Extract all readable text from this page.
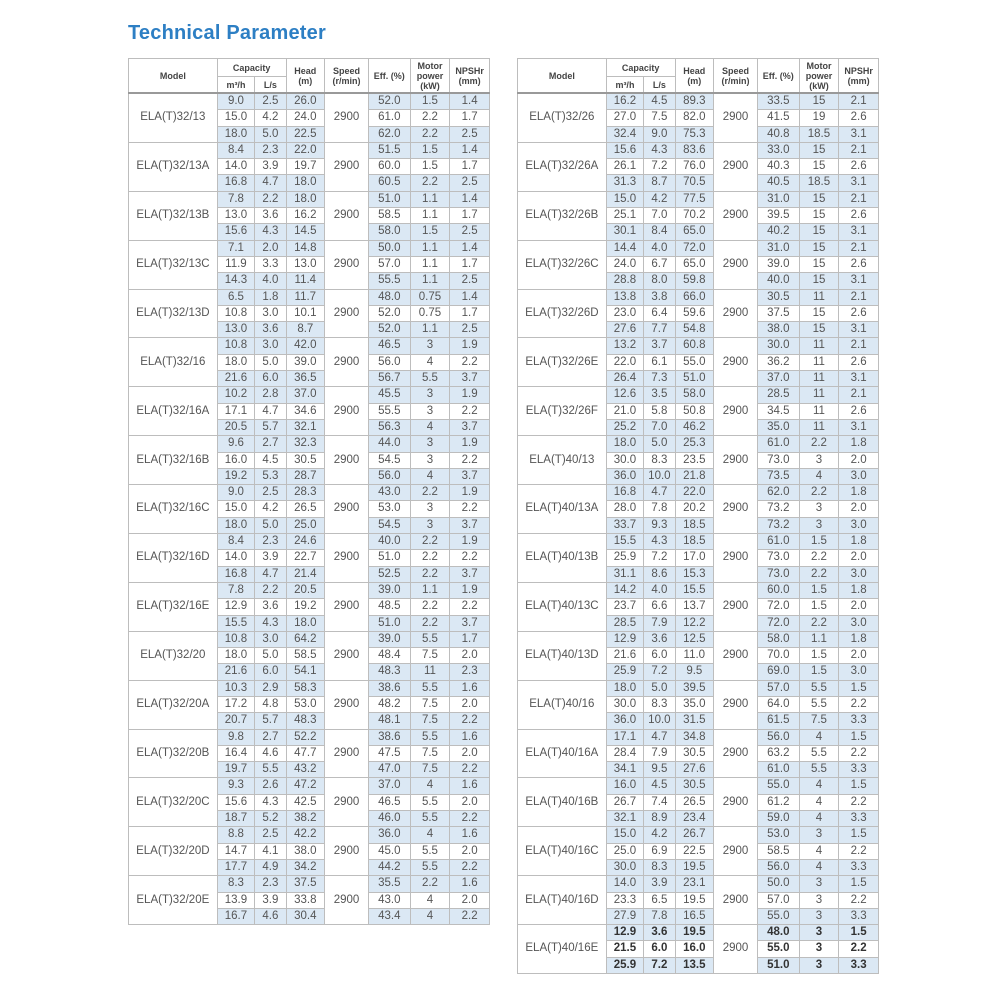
Technical Parameter
Model	Capacity		Head (m)	Speed (r/min)	Eff. (%)	Motor power (kW)	NPSHr (mm)
	m³/h	L/s					
ELA(T)32/13	9.0	2.5	26.0	2900	52.0	1.5	1.4
	15.0	4.2	24.0		61.0	2.2	1.7
	18.0	5.0	22.5		62.0	2.2	2.5
ELA(T)32/13A	8.4	2.3	22.0	2900	51.5	1.5	1.4
	14.0	3.9	19.7		60.0	1.5	1.7
	16.8	4.7	18.0		60.5	2.2	2.5
ELA(T)32/13B	7.8	2.2	18.0	2900	51.0	1.1	1.4
	13.0	3.6	16.2		58.5	1.1	1.7
	15.6	4.3	14.5		58.0	1.5	2.5
ELA(T)32/13C	7.1	2.0	14.8	2900	50.0	1.1	1.4
	11.9	3.3	13.0		57.0	1.1	1.7
	14.3	4.0	11.4		55.5	1.1	2.5
ELA(T)32/13D	6.5	1.8	11.7	2900	48.0	0.75	1.4
	10.8	3.0	10.1		52.0	0.75	1.7
	13.0	3.6	8.7		52.0	1.1	2.5
ELA(T)32/16	10.8	3.0	42.0	2900	46.5	3	1.9
	18.0	5.0	39.0		56.0	4	2.2
	21.6	6.0	36.5		56.7	5.5	3.7
ELA(T)32/16A	10.2	2.8	37.0	2900	45.5	3	1.9
	17.1	4.7	34.6		55.5	3	2.2
	20.5	5.7	32.1		56.3	4	3.7
ELA(T)32/16B	9.6	2.7	32.3	2900	44.0	3	1.9
	16.0	4.5	30.5		54.5	3	2.2
	19.2	5.3	28.7		56.0	4	3.7
ELA(T)32/16C	9.0	2.5	28.3	2900	43.0	2.2	1.9
	15.0	4.2	26.5		53.0	3	2.2
	18.0	5.0	25.0		54.5	3	3.7
ELA(T)32/16D	8.4	2.3	24.6	2900	40.0	2.2	1.9
	14.0	3.9	22.7		51.0	2.2	2.2
	16.8	4.7	21.4		52.5	2.2	3.7
ELA(T)32/16E	7.8	2.2	20.5	2900	39.0	1.1	1.9
	12.9	3.6	19.2		48.5	2.2	2.2
	15.5	4.3	18.0		51.0	2.2	3.7
ELA(T)32/20	10.8	3.0	64.2	2900	39.0	5.5	1.7
	18.0	5.0	58.5		48.4	7.5	2.0
	21.6	6.0	54.1		48.3	11	2.3
ELA(T)32/20A	10.3	2.9	58.3	2900	38.6	5.5	1.6
	17.2	4.8	53.0		48.2	7.5	2.0
	20.7	5.7	48.3		48.1	7.5	2.2
ELA(T)32/20B	9.8	2.7	52.2	2900	38.6	5.5	1.6
	16.4	4.6	47.7		47.5	7.5	2.0
	19.7	5.5	43.2		47.0	7.5	2.2
ELA(T)32/20C	9.3	2.6	47.2	2900	37.0	4	1.6
	15.6	4.3	42.5		46.5	5.5	2.0
	18.7	5.2	38.2		46.0	5.5	2.2
ELA(T)32/20D	8.8	2.5	42.2	2900	36.0	4	1.6
	14.7	4.1	38.0		45.0	5.5	2.0
	17.7	4.9	34.2		44.2	5.5	2.2
ELA(T)32/20E	8.3	2.3	37.5	2900	35.5	2.2	1.6
	13.9	3.9	33.8		43.0	4	2.0
	16.7	4.6	30.4		43.4	4	2.2
Model	Capacity		Head (m)	Speed (r/min)	Eff. (%)	Motor power (kW)	NPSHr (mm)
	m³/h	L/s					
ELA(T)32/26	16.2	4.5	89.3	2900	33.5	15	2.1
	27.0	7.5	82.0		41.5	19	2.6
	32.4	9.0	75.3		40.8	18.5	3.1
ELA(T)32/26A	15.6	4.3	83.6	2900	33.0	15	2.1
	26.1	7.2	76.0		40.3	15	2.6
	31.3	8.7	70.5		40.5	18.5	3.1
ELA(T)32/26B	15.0	4.2	77.5	2900	31.0	15	2.1
	25.1	7.0	70.2		39.5	15	2.6
	30.1	8.4	65.0		40.2	15	3.1
ELA(T)32/26C	14.4	4.0	72.0	2900	31.0	15	2.1
	24.0	6.7	65.0		39.0	15	2.6
	28.8	8.0	59.8		40.0	15	3.1
ELA(T)32/26D	13.8	3.8	66.0	2900	30.5	11	2.1
	23.0	6.4	59.6		37.5	15	2.6
	27.6	7.7	54.8		38.0	15	3.1
ELA(T)32/26E	13.2	3.7	60.8	2900	30.0	11	2.1
	22.0	6.1	55.0		36.2	11	2.6
	26.4	7.3	51.0		37.0	11	3.1
ELA(T)32/26F	12.6	3.5	58.0	2900	28.5	11	2.1
	21.0	5.8	50.8		34.5	11	2.6
	25.2	7.0	46.2		35.0	11	3.1
ELA(T)40/13	18.0	5.0	25.3	2900	61.0	2.2	1.8
	30.0	8.3	23.5		73.0	3	2.0
	36.0	10.0	21.8		73.5	4	3.0
ELA(T)40/13A	16.8	4.7	22.0	2900	62.0	2.2	1.8
	28.0	7.8	20.2		73.2	3	2.0
	33.7	9.3	18.5		73.2	3	3.0
ELA(T)40/13B	15.5	4.3	18.5	2900	61.0	1.5	1.8
	25.9	7.2	17.0		73.0	2.2	2.0
	31.1	8.6	15.3		73.0	2.2	3.0
ELA(T)40/13C	14.2	4.0	15.5	2900	60.0	1.5	1.8
	23.7	6.6	13.7		72.0	1.5	2.0
	28.5	7.9	12.2		72.0	2.2	3.0
ELA(T)40/13D	12.9	3.6	12.5	2900	58.0	1.1	1.8
	21.6	6.0	11.0		70.0	1.5	2.0
	25.9	7.2	9.5		69.0	1.5	3.0
ELA(T)40/16	18.0	5.0	39.5	2900	57.0	5.5	1.5
	30.0	8.3	35.0		64.0	5.5	2.2
	36.0	10.0	31.5		61.5	7.5	3.3
ELA(T)40/16A	17.1	4.7	34.8	2900	56.0	4	1.5
	28.4	7.9	30.5		63.2	5.5	2.2
	34.1	9.5	27.6		61.0	5.5	3.3
ELA(T)40/16B	16.0	4.5	30.5	2900	55.0	4	1.5
	26.7	7.4	26.5		61.2	4	2.2
	32.1	8.9	23.4		59.0	4	3.3
ELA(T)40/16C	15.0	4.2	26.7	2900	53.0	3	1.5
	25.0	6.9	22.5		58.5	4	2.2
	30.0	8.3	19.5		56.0	4	3.3
ELA(T)40/16D	14.0	3.9	23.1	2900	50.0	3	1.5
	23.3	6.5	19.5		57.0	3	2.2
	27.9	7.8	16.5		55.0	3	3.3
ELA(T)40/16E	12.9	3.6	19.5	2900	48.0	3	1.5
	21.5	6.0	16.0		55.0	3	2.2
	25.9	7.2	13.5		51.0	3	3.3
